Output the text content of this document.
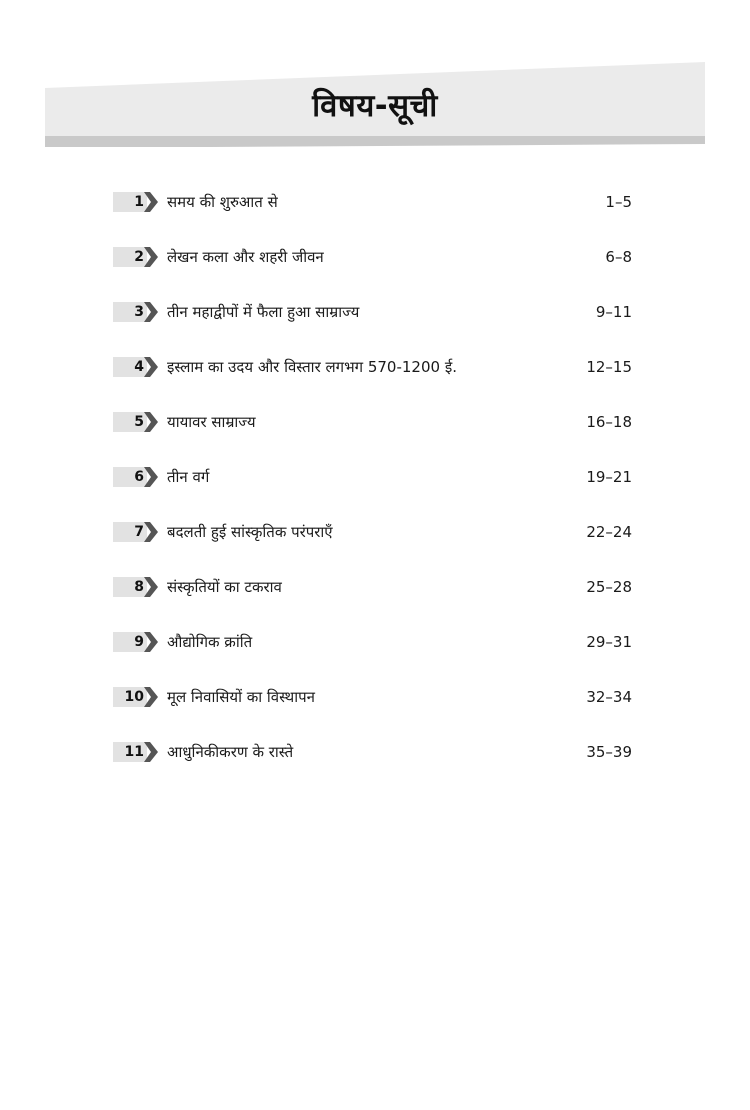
विषय-सूची
1 समय की शुरुआत से	1–5
2 लेखन कला और शहरी जीवन	6–8
3 तीन महाद्वीपों में फैला हुआ साम्राज्य	9–11
4 इस्लाम का उदय और विस्तार लगभग 570-1200 ई.	12–15
5 यायावर साम्राज्य	16–18
6 तीन वर्ग	19–21
7 बदलती हुई सांस्कृतिक परंपराएँ	22–24
8 संस्कृतियों का टकराव	25–28
9 औद्योगिक क्रांति	29–31
10 मूल निवासियों का विस्थापन	32–34
11 आधुनिकीकरण के रास्ते	35–39
